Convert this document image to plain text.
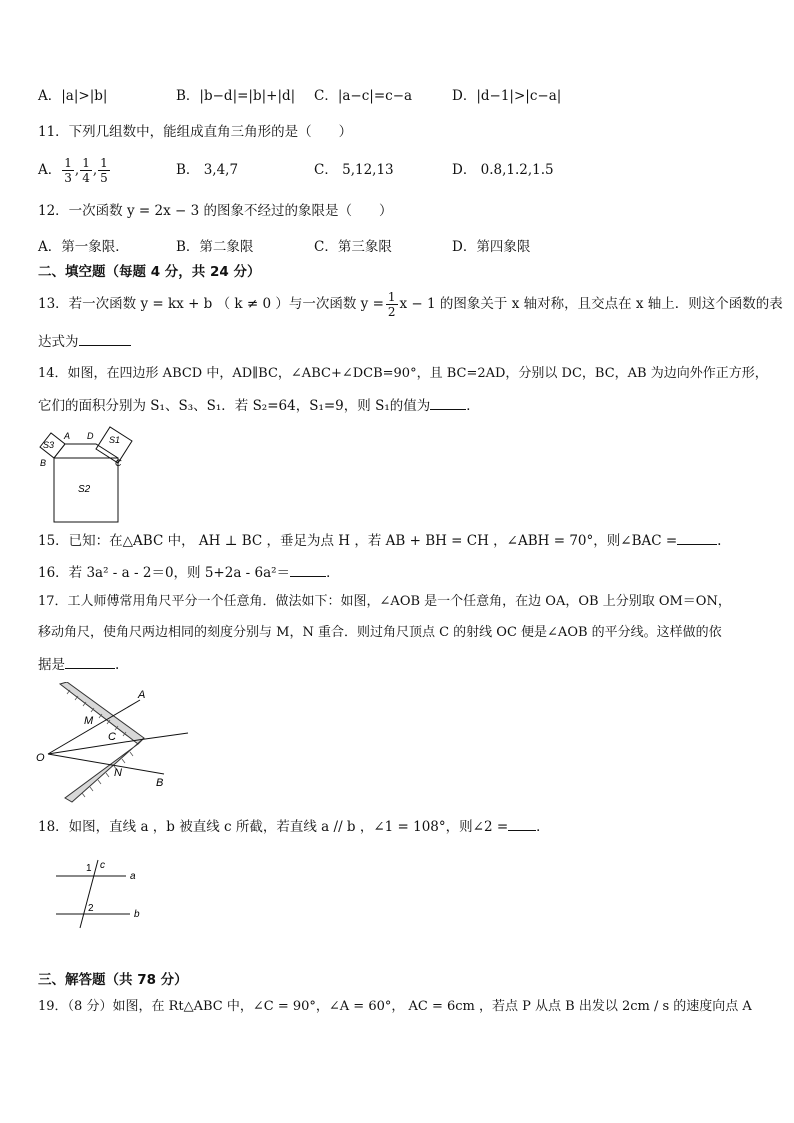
A．|a|>|b|	B．|b−d|=|b|+|d| C．|a−c|=c−a	D．|d−1|>|c−a|
11．下列几组数中，能组成直角三角形的是（　　）
A． $\frac{1}{3}$ , $\frac{1}{4}$ , $\frac{1}{5}$	B． 3,4,7	C． 5,12,13	D． 0.8,1.2,1.5
12．一次函数 y = 2x − 3 的图象不经过的象限是（　　）
A．第一象限．	B．第二象限	C．第三象限	D．第四象限
二、填空题（每题 4 分，共 24 分）
13．若一次函数 y = kx + b （ k ≠ 0 ）与一次函数 $y = \frac{1}{2}$ x − 1 的图象关于 x 轴对称，且交点在 x 轴上．则这个函数的表
达式为
14．如图，在四边形 ABCD 中，AD∥BC，∠ABC+∠DCB=90°，且 BC=2AD，分别以 DC，BC，AB 为边向外作正方形，
它们的面积分别为 S₁、S₃、S₁．若 S₂=64，S₁=9，则 S₁的值为	．
S3	S1
S2
A D
B	C
15．已知：在△ABC 中， AH ⊥ BC ，垂足为点 H ，若 AB + BH = CH ，∠ABH = 70°，则∠BAC =	.
16．若 3a² - a - 2＝0，则 5+2a - 6a²＝	．
17．工人师傅常用角尺平分一个任意角．做法如下：如图，∠AOB 是一个任意角，在边 OA，OB 上分别取 OM＝ON，
移动角尺，使角尺两边相同的刻度分别与 M，N 重合．则过角尺顶点 C 的射线 OC 便是∠AOB 的平分线。这样做的依
据是	.
A
M
C
O
N
B
18．如图，直线 a ，b 被直线 c 所截，若直线 a // b ，∠1 = 108°，则∠2 = ．
1 c
a
2
b
三、解答题（共 78 分）
19．（8 分）如图，在 Rt△ABC 中，∠C = 90°，∠A = 60°， AC = 6cm ，若点 P 从点 B 出发以 2cm / s 的速度向点 A
